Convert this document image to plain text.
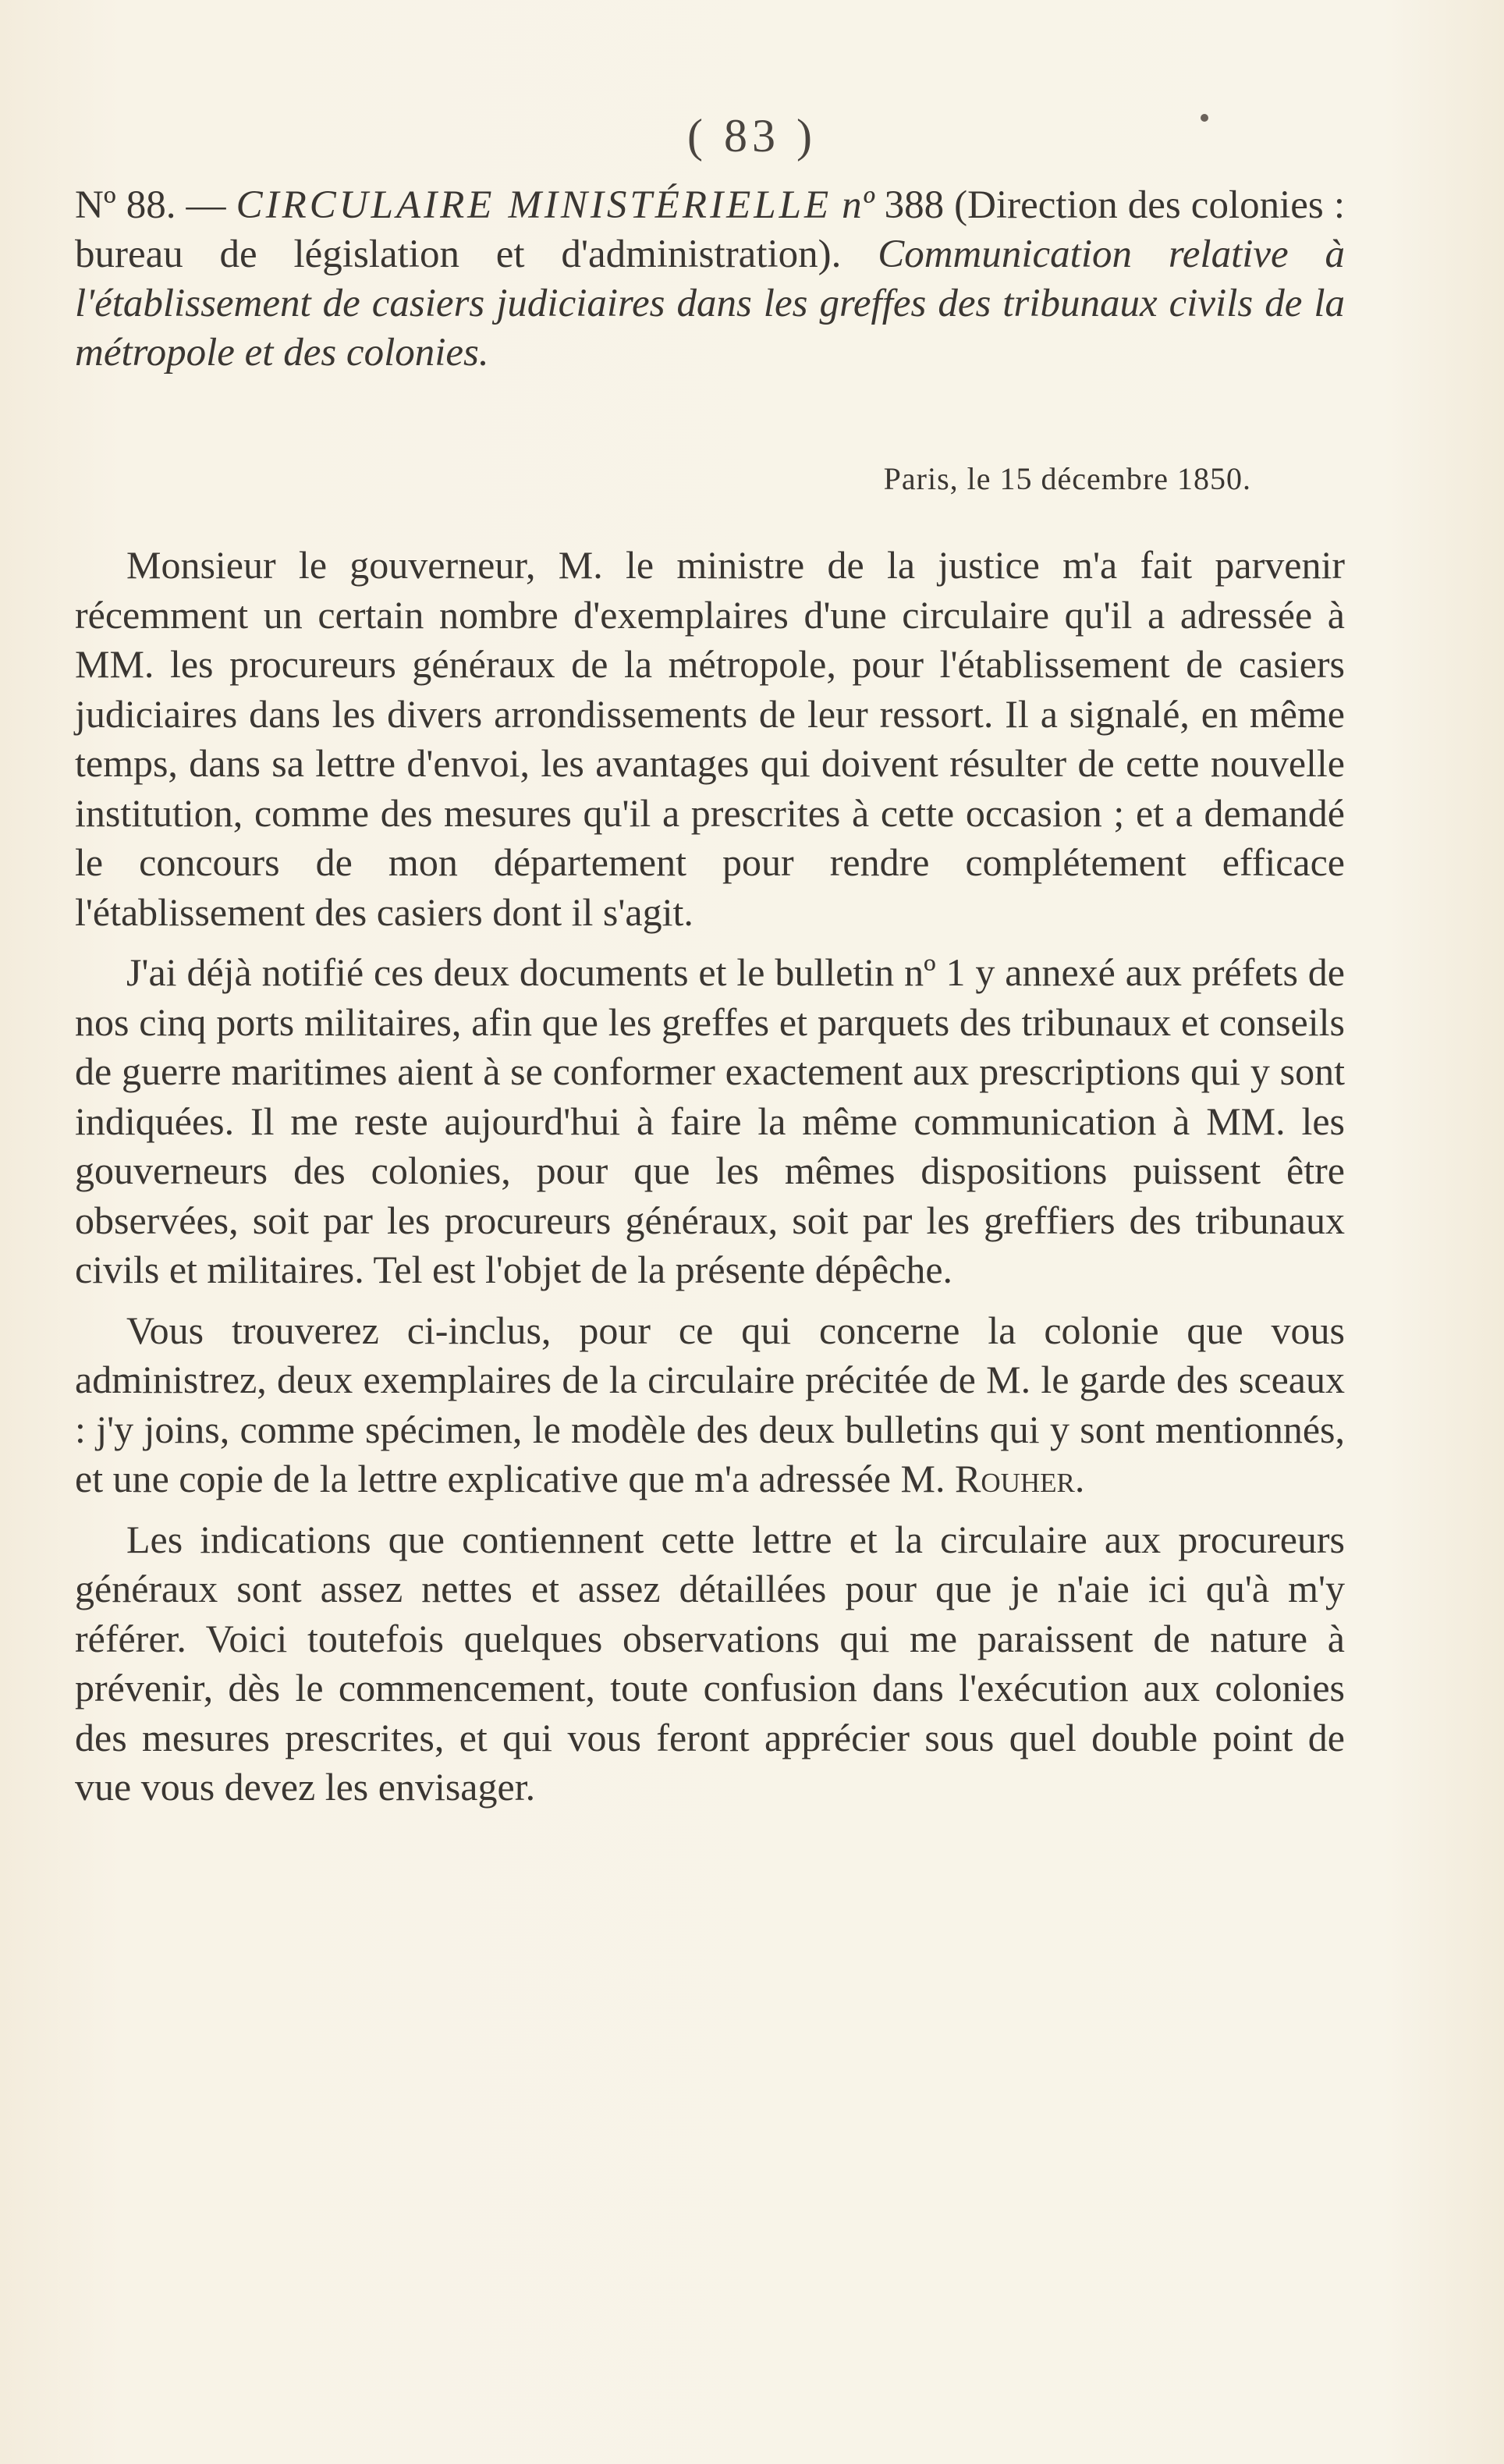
( 83 )

Nº 88. — CIRCULAIRE MINISTÉRIELLE nº 388 (Direction des colonies : bureau de législation et d'administration). Communication relative à l'établissement de casiers judiciaires dans les greffes des tribunaux civils de la métropole et des colonies.

Paris, le 15 décembre 1850.

Monsieur le gouverneur, M. le ministre de la justice m'a fait parvenir récemment un certain nombre d'exemplaires d'une circulaire qu'il a adressée à MM. les procureurs généraux de la métropole, pour l'établissement de casiers judiciaires dans les divers arrondissements de leur ressort. Il a signalé, en même temps, dans sa lettre d'envoi, les avantages qui doivent résulter de cette nouvelle institution, comme des mesures qu'il a prescrites à cette occasion ; et a demandé le concours de mon département pour rendre complétement efficace l'établissement des casiers dont il s'agit.

J'ai déjà notifié ces deux documents et le bulletin nº 1 y annexé aux préfets de nos cinq ports militaires, afin que les greffes et parquets des tribunaux et conseils de guerre maritimes aient à se conformer exactement aux prescriptions qui y sont indiquées. Il me reste aujourd'hui à faire la même communication à MM. les gouverneurs des colonies, pour que les mêmes dispositions puissent être observées, soit par les procureurs généraux, soit par les greffiers des tribunaux civils et militaires. Tel est l'objet de la présente dépêche.

Vous trouverez ci-inclus, pour ce qui concerne la colonie que vous administrez, deux exemplaires de la circulaire précitée de M. le garde des sceaux : j'y joins, comme spécimen, le modèle des deux bulletins qui y sont mentionnés, et une copie de la lettre explicative que m'a adressée M. Rouher.

Les indications que contiennent cette lettre et la circulaire aux procureurs généraux sont assez nettes et assez détaillées pour que je n'aie ici qu'à m'y référer. Voici toutefois quelques observations qui me paraissent de nature à prévenir, dès le commencement, toute confusion dans l'exécution aux colonies des mesures prescrites, et qui vous feront apprécier sous quel double point de vue vous devez les envisager.
